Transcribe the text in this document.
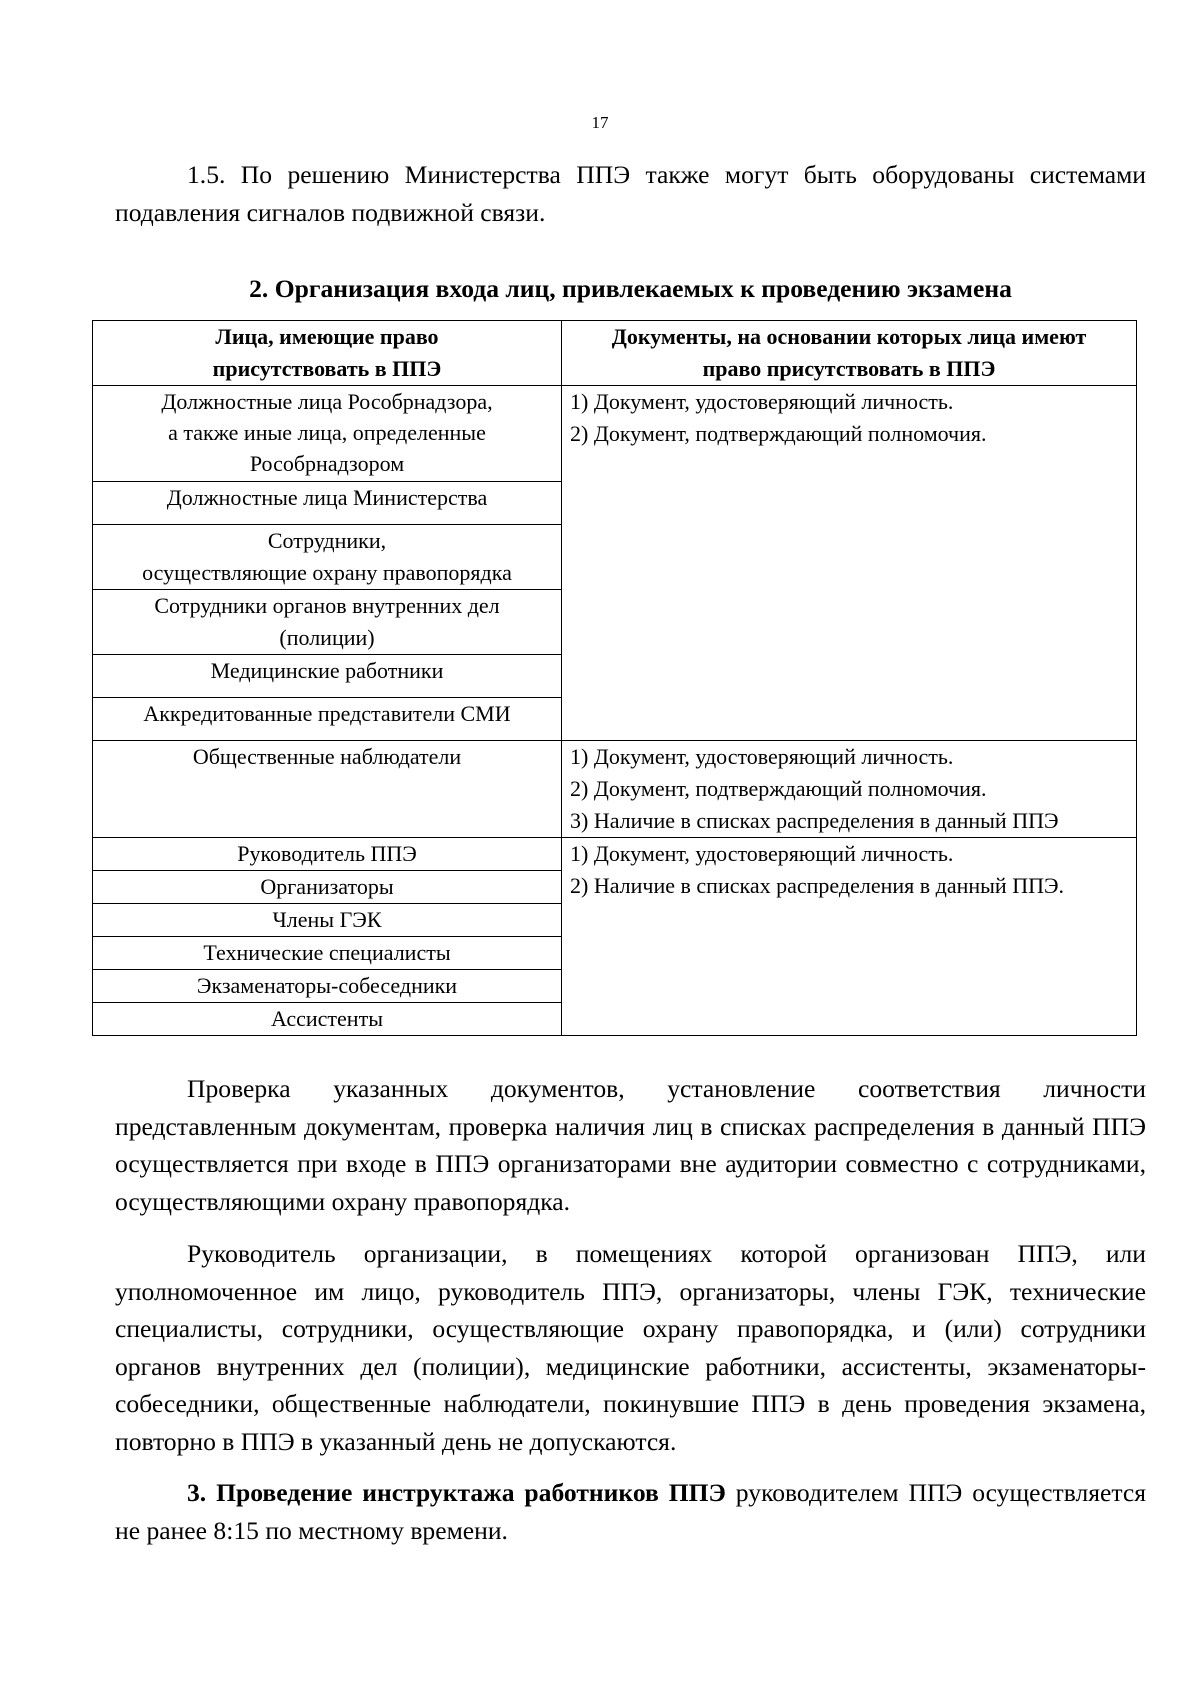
17

1.5. По решению Министерства ППЭ также могут быть оборудованы системами подавления сигналов подвижной связи.

2. Организация входа лиц, привлекаемых к проведению экзамена
Лица, имеющие право
присутствовать в ППЭ	Документы, на основании которых лица имеют
право присутствовать в ППЭ

Должностные лица Рособрнадзора,
а также иные лица, определенные
Рособрнадзором	1) Документ, удостоверяющий личность.
2) Документ, подтверждающий полномочия.

Должностные лица Министерства	

Сотрудники,
осуществляющие охрану правопорядка	

Сотрудники органов внутренних дел
(полиции)	

Медицинские работники	

Аккредитованные представители СМИ	

Общественные наблюдатели	1) Документ, удостоверяющий личность.
2) Документ, подтверждающий полномочия.
3) Наличие в списках распределения в данный ППЭ

Руководитель ППЭ	1) Документ, удостоверяющий личность.
2) Наличие в списках распределения в данный ППЭ.

Организаторы	

Члены ГЭК	

Технические специалисты	

Экзаменаторы-собеседники	

Ассистенты	

Проверка указанных документов, установление соответствия личности представленным документам, проверка наличия лиц в списках распределения в данный ППЭ осуществляется при входе в ППЭ организаторами вне аудитории совместно с сотрудниками, осуществляющими охрану правопорядка.

Руководитель организации, в помещениях которой организован ППЭ, или уполномоченное им лицо, руководитель ППЭ, организаторы, члены ГЭК, технические специалисты, сотрудники, осуществляющие охрану правопорядка, и (или) сотрудники органов внутренних дел (полиции), медицинские работники, ассистенты, экзаменаторы-собеседники, общественные наблюдатели, покинувшие ППЭ в день проведения экзамена, повторно в ППЭ в указанный день не допускаются.

3. Проведение инструктажа работников ППЭ руководителем ППЭ осуществляется не ранее 8:15 по местному времени.
